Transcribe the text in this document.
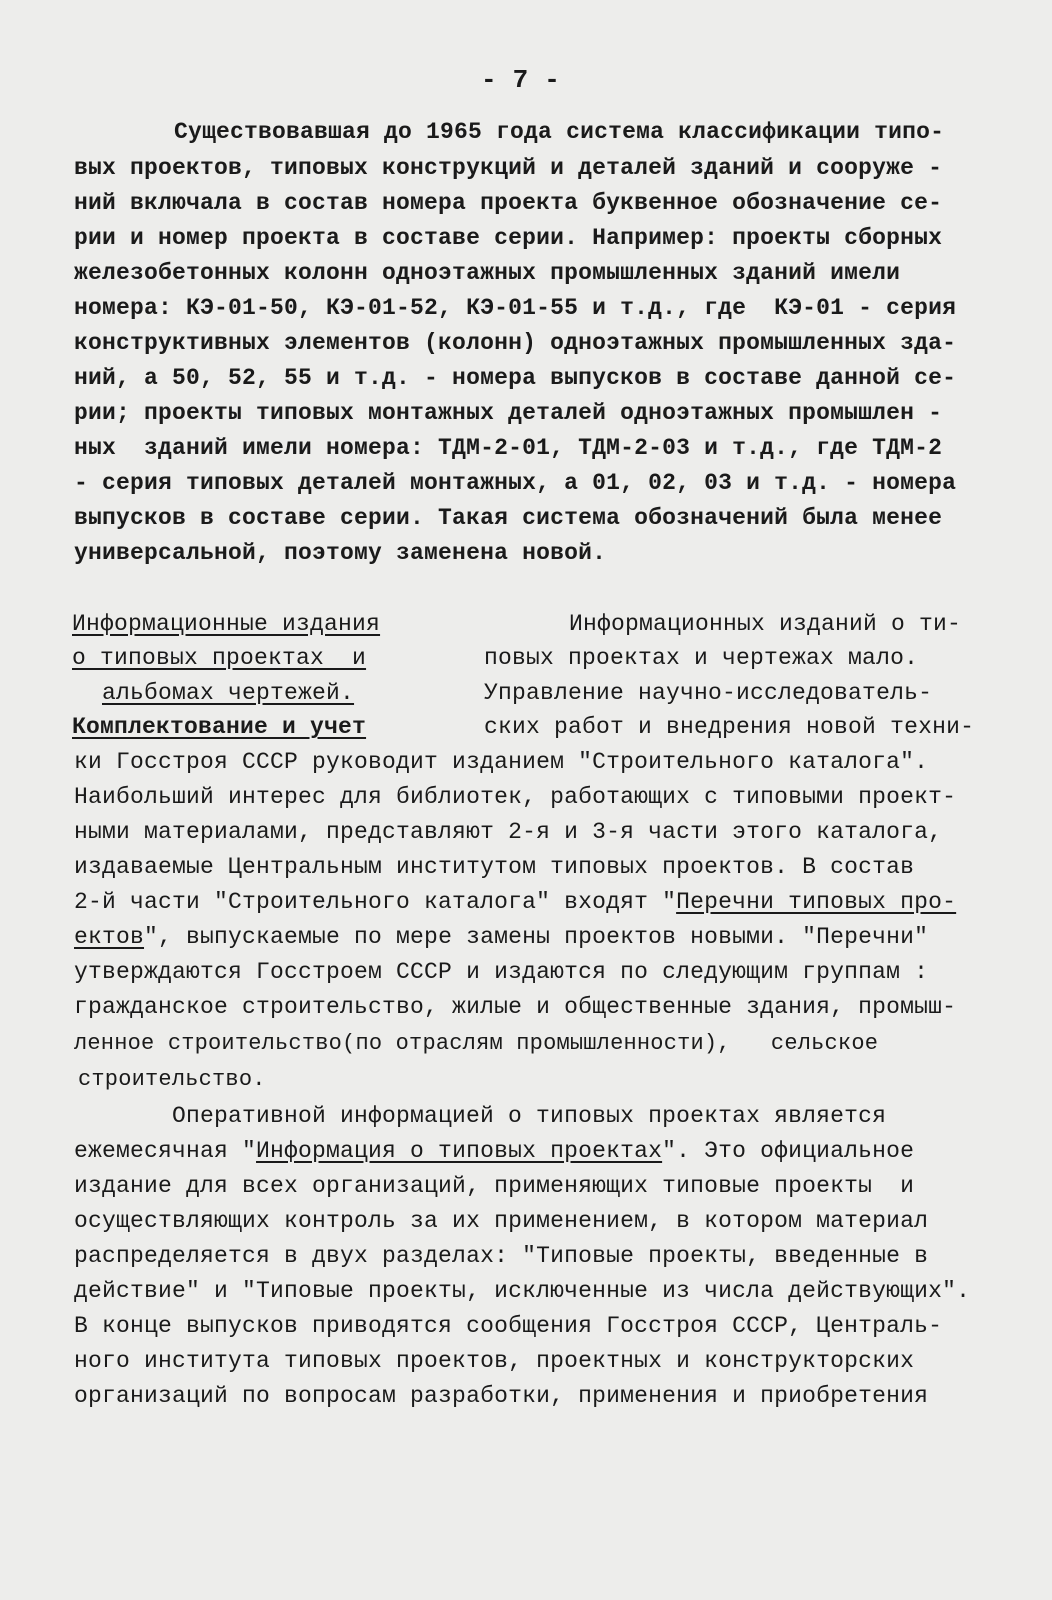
- 7 -
Существовавшая до 1965 года система классификации типо-
вых проектов, типовых конструкций и деталей зданий и сооруже -
ний включала в состав номера проекта буквенное обозначение се-
рии и номер проекта в составе серии. Например: проекты сборных
железобетонных колонн одноэтажных промышленных зданий имели
номера: КЭ-01-50, КЭ-01-52, КЭ-01-55 и т.д., где  КЭ-01 - серия
конструктивных элементов (колонн) одноэтажных промышленных зда-
ний, а 50, 52, 55 и т.д. - номера выпусков в составе данной се-
рии; проекты типовых монтажных деталей одноэтажных промышлен -
ных  зданий имели номера: ТДМ-2-01, ТДМ-2-03 и т.д., где ТДМ-2
- серия типовых деталей монтажных, а 01, 02, 03 и т.д. - номера
выпусков в составе серии. Такая система обозначений была менее
универсальной, поэтому заменена новой.
Информационные издания
о типовых проектах  и
альбомах чертежей.
Комплектование и учет
Информационных изданий о ти-
повых проектах и чертежах мало.
Управление научно-исследователь-
ских работ и внедрения новой техни-
ки Госстроя СССР руководит изданием "Строительного каталога".
Наибольший интерес для библиотек, работающих с типовыми проект-
ными материалами, представляют 2-я и 3-я части этого каталога,
издаваемые Центральным институтом типовых проектов. В состав
2-й части "Строительного каталога" входят "Перечни типовых про-
ектов", выпускаемые по мере замены проектов новыми. "Перечни"
утверждаются Госстроем СССР и издаются по следующим группам :
гражданское строительство, жилые и общественные здания, промыш-
ленное строительство(по отраслям промышленности),   сельское
строительство.
Оперативной информацией о типовых проектах является
ежемесячная "Информация о типовых проектах". Это официальное
издание для всех организаций, применяющих типовые проекты  и
осуществляющих контроль за их применением, в котором материал
распределяется в двух разделах: "Типовые проекты, введенные в
действие" и "Типовые проекты, исключенные из числа действующих".
В конце выпусков приводятся сообщения Госстроя СССР, Централь-
ного института типовых проектов, проектных и конструкторских
организаций по вопросам разработки, применения и приобретения
